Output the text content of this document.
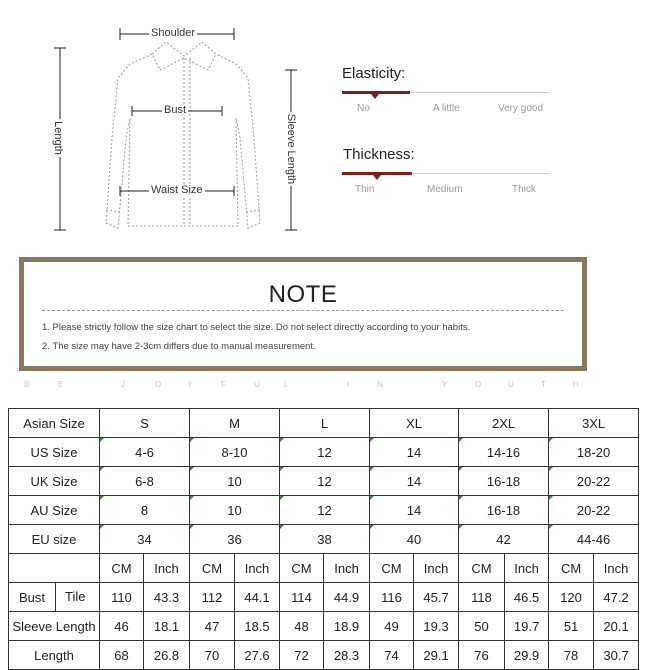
Shoulder
Bust
Waist Size
Length	Sleeve Length
Elasticity:
No	A little	Very good
Thickness:
Thin	Medium	Thick
NOTE
1. Please strictly follow the size chart to select the size. Do not select directly according to your habits.
2. The size may have 2-3cm differs due to manual measurement.
B	E	J	O	Y	F	U	L	I	N	Y	O	U	T	H
Asian Size	S		M		L		XL		2XL		3XL	
US Size	4-6		8-10		12		14		14-16		18-20	
UK Size	6-8		10		12		14		16-18		20-22	
AU Size	8		10		12		14		16-18		20-22	
EU size	34		36		38		40		42		44-46	
	CM	Inch	CM	Inch	CM	Inch	CM	Inch	CM	Inch	CM	Inch
Bust Tile	110	43.3	112	44.1	114	44.9	116	45.7	118	46.5	120	47.2
Sleeve Length	46	18.1	47	18.5	48	18.9	49	19.3	50	19.7	51	20.1
Length	68	26.8	70	27.6	72	28.3	74	29.1	76	29.9	78	30.7
